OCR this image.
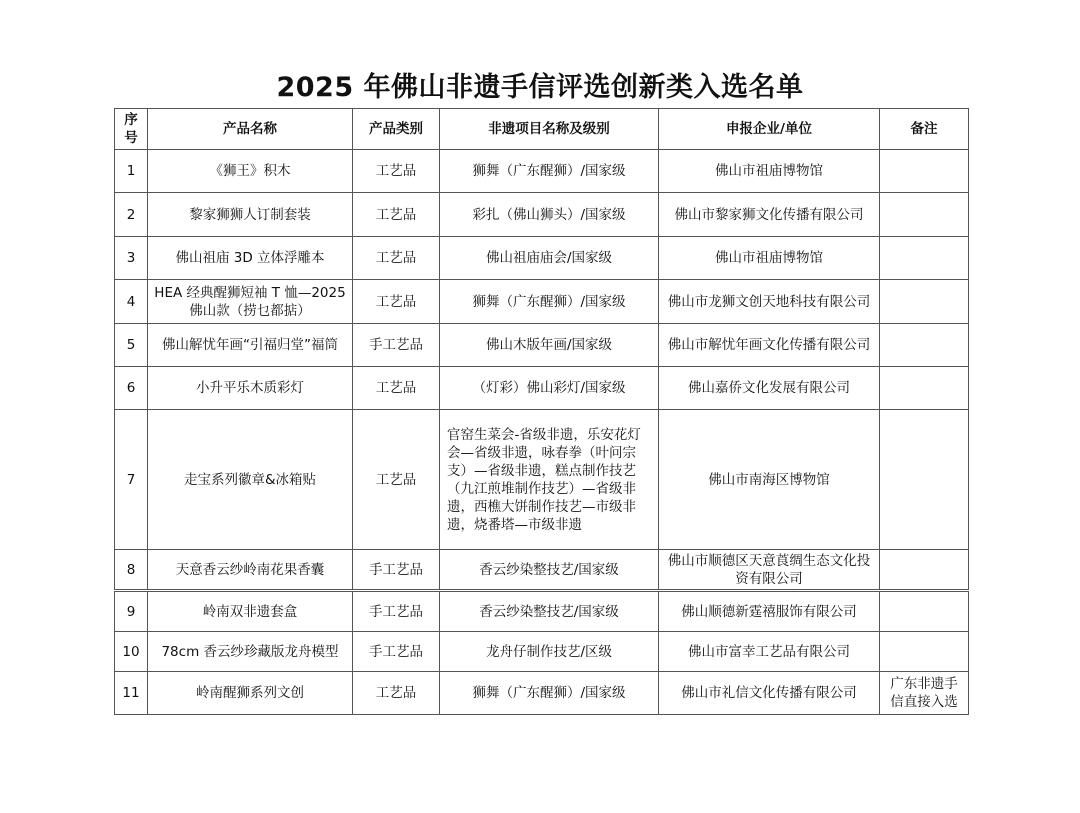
2025 年佛山非遗手信评选创新类入选名单
序号	产品名称	产品类别	非遗项目名称及级别	申报企业/单位	备注
1	《狮王》积木	工艺品	狮舞（广东醒狮）/国家级	佛山市祖庙博物馆	
2	黎家狮狮人订制套装	工艺品	彩扎（佛山狮头）/国家级	佛山市黎家狮文化传播有限公司	
3	佛山祖庙 3D 立体浮雕本	工艺品	佛山祖庙庙会/国家级	佛山市祖庙博物馆	
4	HEA 经典醒狮短袖 T 恤—2025 佛山款（捞乜都掂）	工艺品	狮舞（广东醒狮）/国家级	佛山市龙狮文创天地科技有限公司	
5	佛山解忧年画“引福归堂”福筒	手工艺品	佛山木版年画/国家级	佛山市解忧年画文化传播有限公司	
6	小升平乐木质彩灯	工艺品	（灯彩）佛山彩灯/国家级	佛山嘉侨文化发展有限公司	
7	走宝系列徽章&冰箱贴	工艺品	官窑生菜会-省级非遗，乐安花灯会—省级非遗，咏春拳（叶问宗支）—省级非遗，糕点制作技艺（九江煎堆制作技艺）—省级非遗，西樵大饼制作技艺—市级非遗，烧番塔—市级非遗	佛山市南海区博物馆	
8	天意香云纱岭南花果香囊	手工艺品	香云纱染整技艺/国家级	佛山市顺德区天意莨绸生态文化投资有限公司	
9	岭南双非遗套盒	手工艺品	香云纱染整技艺/国家级	佛山顺德新霆禧服饰有限公司	
10	78cm 香云纱珍藏版龙舟模型	手工艺品	龙舟仔制作技艺/区级	佛山市富幸工艺品有限公司	
11	岭南醒狮系列文创	工艺品	狮舞（广东醒狮）/国家级	佛山市礼信文化传播有限公司	广东非遗手信直接入选
